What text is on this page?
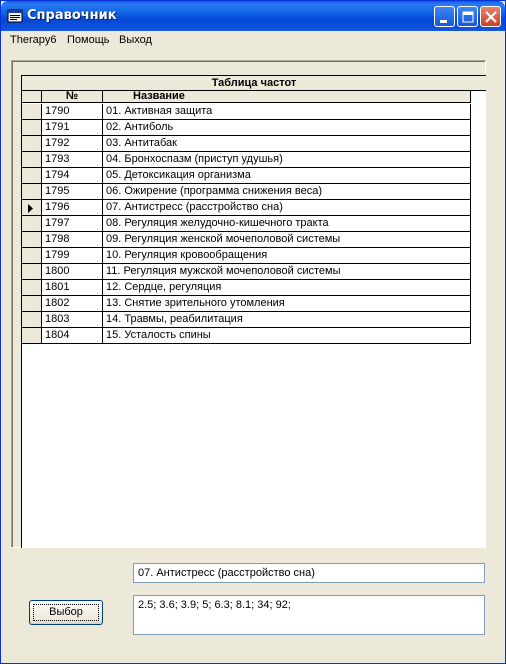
Справочник
Therapy6 Помощь Выход
Таблица частот
№	Название
1790	01. Активная защита
1791	02. Антиболь
1792	03. Антитабак
1793	04. Бронхоспазм (приступ удушья)
1794	05. Детоксикация организма
1795	06. Ожирение (программа снижения веса)
1796	07. Антистресс (расстройство сна)
1797	08. Регуляция желудочно-кишечного тракта
1798	09. Регуляция женской мочеполовой системы
1799	10. Регуляция кровообращения
1800	11. Регуляция мужской мочеполовой системы
1801	12. Сердце, регуляция
1802	13. Снятие зрительного утомления
1803	14. Травмы, реабилитация
1804	15. Усталость спины
07. Антистресс (расстройство сна)
Выбор
2.5; 3.6; 3.9; 5; 6.3; 8.1; 34; 92;
